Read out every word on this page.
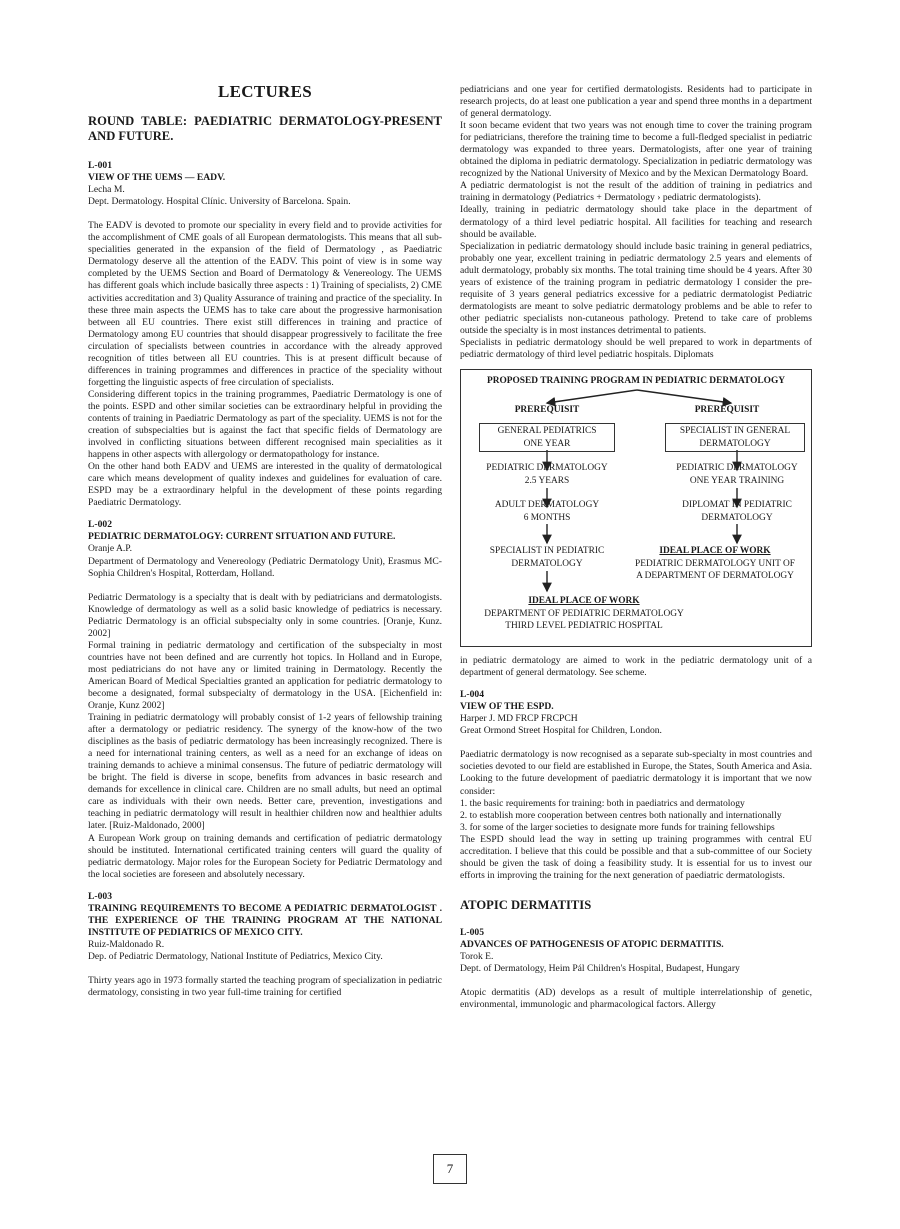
LECTURES
ROUND TABLE: PAEDIATRIC DERMATOLOGY-PRESENT AND FUTURE.
L-001
VIEW OF THE UEMS — EADV.
Lecha M.
Dept. Dermatology. Hospital Clínic. University of Barcelona. Spain.

The EADV is devoted to promote our speciality in every field and to provide activities for the accomplishment of CME goals of all European dermatologists. This means that all sub-specialities generated in the expansion of the field of Dermatology , as Paediatric Dermatology deserve all the attention of the EADV. This point of view is in some way completed by the UEMS Section and Board of Dermatology & Venereology. The UEMS has different goals which include basically three aspects : 1) Training of specialists, 2) CME activities accreditation and 3) Quality Assurance of training and practice of the speciality. In these three main aspects the UEMS has to take care about the progressive harmonisation between all EU countries. There exist still differences in training and practice of Dermatology among EU countries that should disappear progressively to facilitate the free circulation of specialists between countries in accordance with the already approved recognition of titles between all EU countries. This is at present difficult because of differences in training programmes and differences in practice of the speciality without forgetting the linguistic aspects of free circulation of specialists.

Considering different topics in the training programmes, Paediatric Dermatology is one of the points. ESPD and other similar societies can be extraordinary helpful in providing the contents of training in Paediatric Dermatology as part of the speciality. UEMS is not for the creation of subspecialties but is against the fact that specific fields of Dermatology are involved in conflicting situations between different recognised main specialities as it happens in other aspects with allergology or dermatopathology for instance.

On the other hand both EADV and UEMS are interested in the quality of dermatological care which means development of quality indexes and guidelines for evaluation of care. ESPD may be a extraordinary helpful in the development of these points regarding Paediatric Dermatology.

L-002
PEDIATRIC DERMATOLOGY: CURRENT SITUATION AND FUTURE.
Oranje A.P.
Department of Dermatology and Venereology (Pediatric Dermatology Unit), Erasmus MC-Sophia Children's Hospital, Rotterdam, Holland.

Pediatric Dermatology is a specialty that is dealt with by pediatricians and dermatologists. Knowledge of dermatology as well as a solid basic knowledge of pediatrics is necessary. Pediatric Dermatology is an official subspecialty only in some countries. [Oranje, Kunz. 2002]

Formal training in pediatric dermatology and certification of the subspecialty in most countries have not been defined and are currently hot topics. In Holland and in Europe, most pediatricians do not have any or limited training in Dermatology. Recently the American Board of Medical Specialties granted an application for pediatric dermatology to become a designated, formal subspecialty of dermatology in the USA. [Eichenfield in: Oranje, Kunz 2002]

Training in pediatric dermatology will probably consist of 1-2 years of fellowship training after a dermatology or pediatric residency. The synergy of the know-how of the two disciplines as the basis of pediatric dermatology has been increasingly recognized. There is a need for international training centers, as well as a need for an exchange of ideas on training demands to achieve a minimal consensus. The future of pediatric dermatology will be bright. The field is diverse in scope, benefits from advances in basic research and demands for excellence in clinical care. Children are no small adults, but need an optimal care as individuals with their own needs. Better care, prevention, investigations and teaching in pediatric dermatology will result in healthier children now and healthier adults later. [Ruiz-Maldonado, 2000]

A European Work group on training demands and certification of pediatric dermatology should be instituted. International certificated training centers will guard the quality of pediatric dermatology. Major roles for the European Society for Pediatric Dermatology and the local societies are foreseen and absolutely necessary.

L-003
TRAINING REQUIREMENTS TO BECOME A PEDIATRIC DERMATOLOGIST . THE EXPERIENCE OF THE TRAINING PROGRAM AT THE NATIONAL INSTITUTE OF PEDIATRICS OF MEXICO CITY.
Ruiz-Maldonado R.
Dep. of Pediatric Dermatology, National Institute of Pediatrics, Mexico City.

Thirty years ago in 1973 formally started the teaching program of specialization in pediatric dermatology, consisting in two year full-time training for certified

pediatricians and one year for certified dermatologists. Residents had to participate in research projects, do at least one publication a year and spend three months in a department of general dermatology.

It soon became evident that two years was not enough time to cover the training program for pediatricians, therefore the training time to become a full-fledged specialist in pediatric dermatology was expanded to three years. Dermatologists, after one year of training obtained the diploma in pediatric dermatology. Specialization in pediatric dermatology was recognized by the National University of Mexico and by the Mexican Dermatology Board.

A pediatric dermatologist is not the result of the addition of training in pediatrics and training in dermatology (Pediatrics + Dermatology › pediatric dermatologists).

Ideally, training in pediatric dermatology should take place in the department of dermatology of a third level pediatric hospital. All facilities for teaching and research should be available.

Specialization in pediatric dermatology should include basic training in general pediatrics, probably one year, excellent training in pediatric dermatology 2.5 years and elements of adult dermatology, probably six months. The total training time should be 4 years. After 30 years of existence of the training program in pediatric dermatology I consider the pre-requisite of 3 years general pediatrics excessive for a pediatric dermatologist Pediatric dermatologists are meant to solve pediatric dermatology problems and be able to refer to other pediatric specialists non-cutaneous pathology. Pretend to take care of problems outside the specialty is in most instances detrimental to patients.

Specialists in pediatric dermatology should be well prepared to work in departments of pediatric dermatology of third level pediatric hospitals. Diplomats

PROPOSED TRAINING PROGRAM IN PEDIATRIC DERMATOLOGY
PREREQUISIT	PREREQUISIT
GENERAL PEDIATRICS
ONE YEAR
SPECIALIST IN GENERAL
DERMATOLOGY
PEDIATRIC DERMATOLOGY
2.5 YEARS
PEDIATRIC DERMATOLOGY
ONE YEAR TRAINING
ADULT DERMATOLOGY
6 MONTHS
DIPLOMAT IN PEDIATRIC
DERMATOLOGY
SPECIALIST IN PEDIATRIC
DERMATOLOGY
IDEAL PLACE OF WORK
PEDIATRIC DERMATOLOGY UNIT OF
A DEPARTMENT OF DERMATOLOGY
IDEAL PLACE OF WORK
DEPARTMENT OF PEDIATRIC DERMATOLOGY
THIRD LEVEL PEDIATRIC HOSPITAL

in pediatric dermatology are aimed to work in the pediatric dermatology unit of a department of general dermatology. See scheme.

L-004
VIEW OF THE ESPD.
Harper J. MD FRCP FRCPCH
Great Ormond Street Hospital for Children, London.

Paediatric dermatology is now recognised as a separate sub-specialty in most countries and societies devoted to our field are established in Europe, the States, South America and Asia. Looking to the future development of paediatric dermatology it is important that we now consider:

1. the basic requirements for training: both in paediatrics and dermatology

2. to establish more cooperation between centres both nationally and internationally

3. for some of the larger societies to designate more funds for training fellowships

The ESPD should lead the way in setting up training programmes with central EU accreditation. I believe that this could be possible and that a sub-committee of our Society should be given the task of doing a feasibility study. It is essential for us to invest our efforts in improving the training for the next generation of paediatric dermatologists.

ATOPIC DERMATITIS
L-005
ADVANCES OF PATHOGENESIS OF ATOPIC DERMATITIS.
Torok E.
Dept. of Dermatology, Heim Pál Children's Hospital, Budapest, Hungary

Atopic dermatitis (AD) develops as a result of multiple interrelationship of genetic, environmental, immunologic and pharmacological factors. Allergy

7
